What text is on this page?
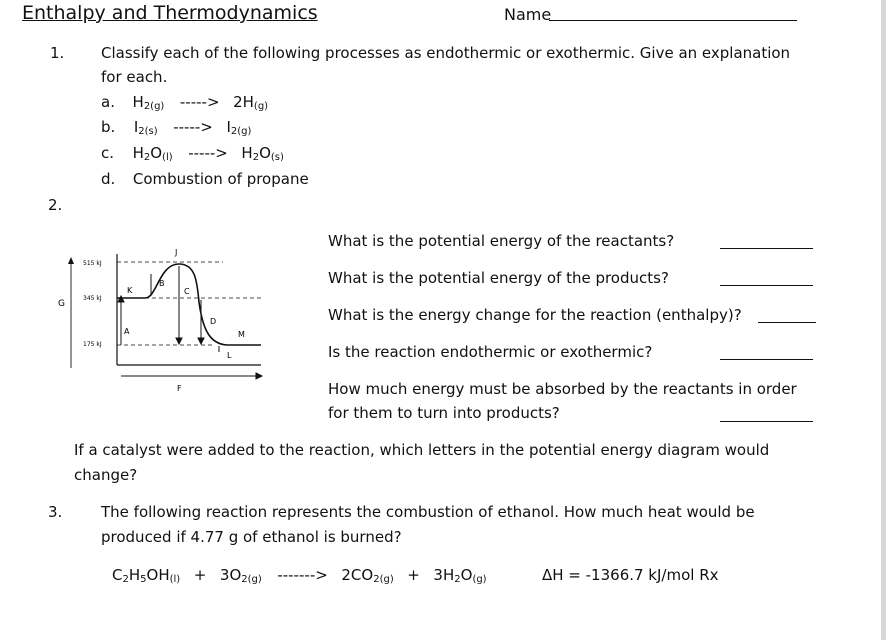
Enthalpy and Thermodynamics	Name
1. Classify each of the following processes as endothermic or exothermic. Give an explanation
for each.
a. $H_{2(g)}$ -----> $2H_{(g)}$
b. $I_{2(s)}$ -----> $I_{2(g)}$
c. $H_2O_{(l)}$ -----> $H_2O_{(s)}$
d. Combustion of propane
2.
G
515 kJ
345 kJ
175 kJ
J
K
B
C
D
A	M
L
F
What is the potential energy of the reactants?
What is the potential energy of the products?
What is the energy change for the reaction (enthalpy)?
Is the reaction endothermic or exothermic?
How much energy must be absorbed by the reactants in order
for them to turn into products?
If a catalyst were added to the reaction, which letters in the potential energy diagram would
change?
3.	The following reaction represents the combustion of ethanol. How much heat would be
produced if 4.77 g of ethanol is burned?
$C_2H_5OH_{(l)} + 3O_{2(g)}$ -------> $2CO_{2(g)} + 3H_2O_{(g)}$	ΔH = -1366.7 kJ/mol Rx
